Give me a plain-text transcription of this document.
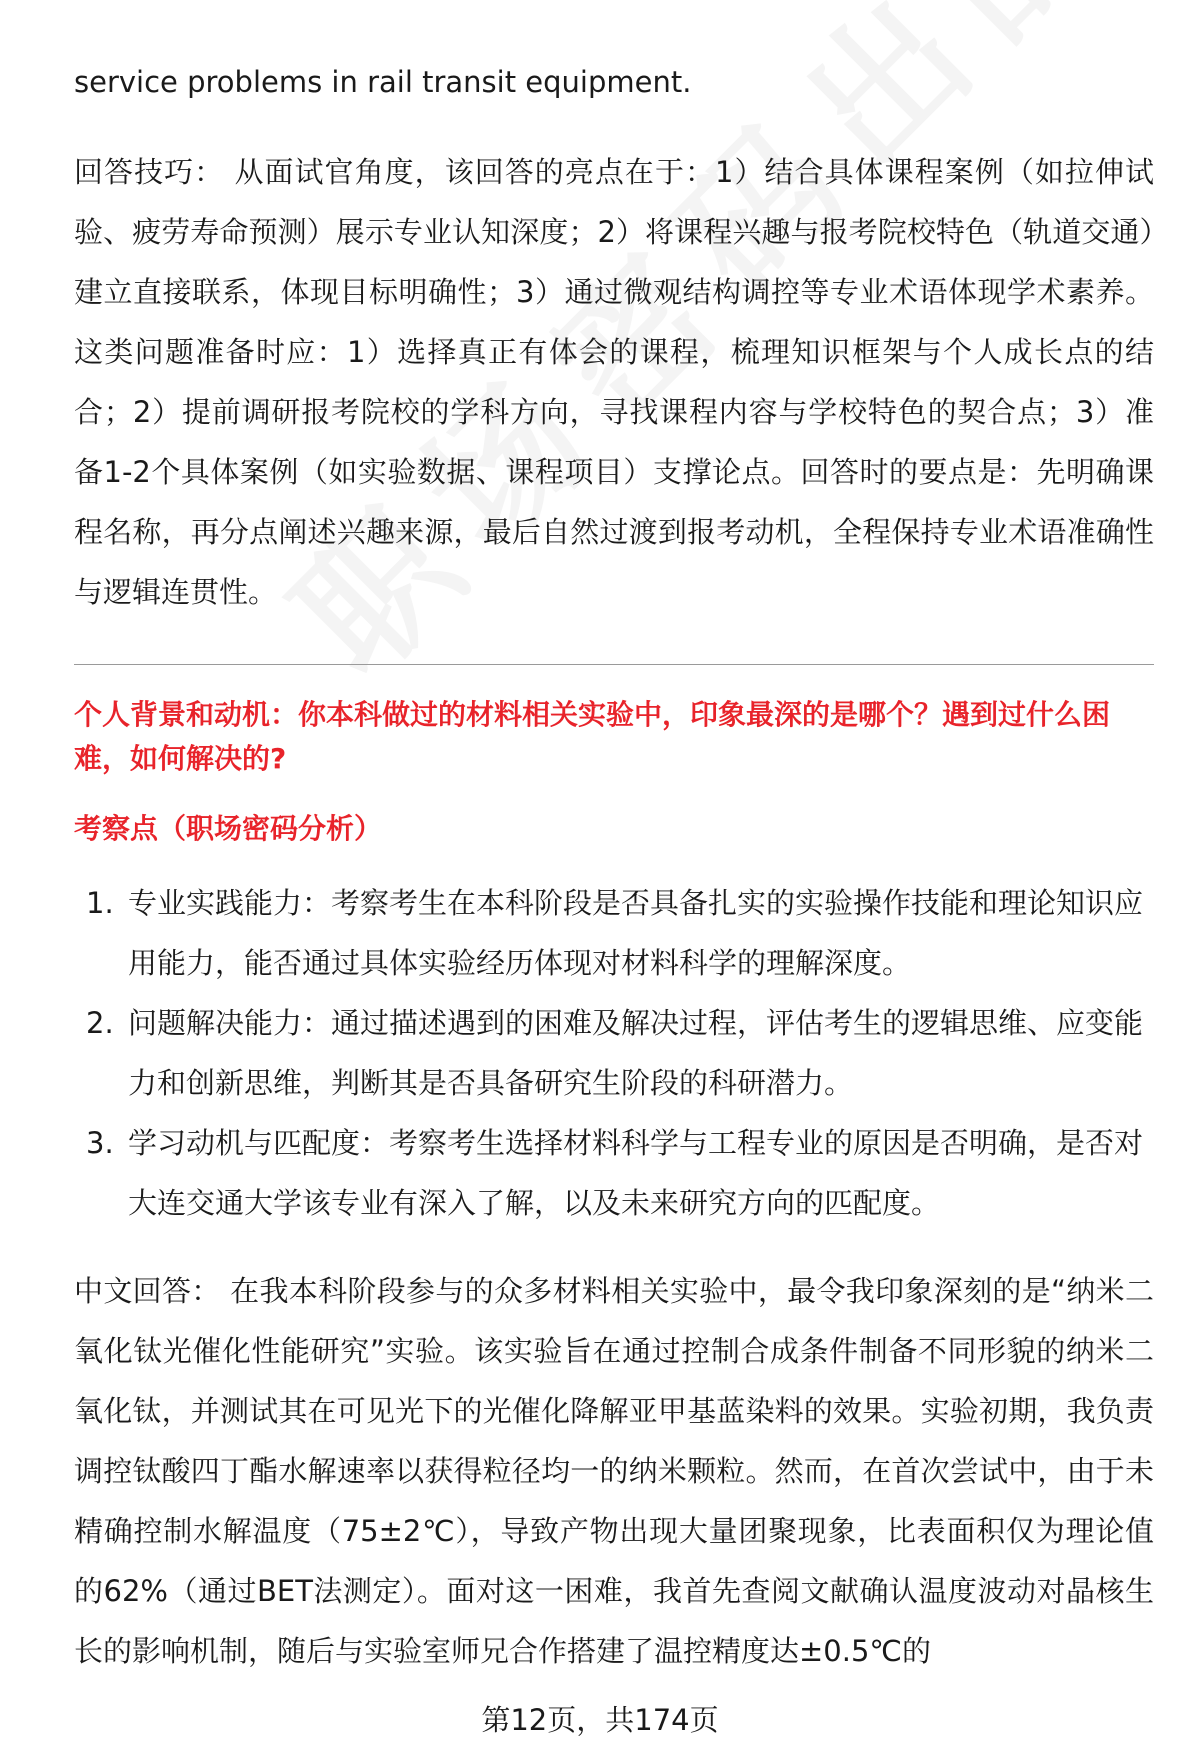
service problems in rail transit equipment.

回答技巧： 从面试官角度，该回答的亮点在于：1）结合具体课程案例（如拉伸试验、疲劳寿命预测）展示专业认知深度；2）将课程兴趣与报考院校特色（轨道交通）建立直接联系，体现目标明确性；3）通过微观结构调控等专业术语体现学术素养。这类问题准备时应：1）选择真正有体会的课程，梳理知识框架与个人成长点的结合；2）提前调研报考院校的学科方向，寻找课程内容与学校特色的契合点；3）准备1-2个具体案例（如实验数据、课程项目）支撑论点。回答时的要点是：先明确课程名称，再分点阐述兴趣来源，最后自然过渡到报考动机，全程保持专业术语准确性与逻辑连贯性。

个人背景和动机：你本科做过的材料相关实验中，印象最深的是哪个？遇到过什么困难，如何解决的?

考察点（职场密码分析）

1. 专业实践能力：考察考生在本科阶段是否具备扎实的实验操作技能和理论知识应用能力，能否通过具体实验经历体现对材料科学的理解深度。
2. 问题解决能力：通过描述遇到的困难及解决过程，评估考生的逻辑思维、应变能力和创新思维，判断其是否具备研究生阶段的科研潜力。
3. 学习动机与匹配度：考察考生选择材料科学与工程专业的原因是否明确，是否对大连交通大学该专业有深入了解，以及未来研究方向的匹配度。

中文回答： 在我本科阶段参与的众多材料相关实验中，最令我印象深刻的是“纳米二氧化钛光催化性能研究”实验。该实验旨在通过控制合成条件制备不同形貌的纳米二氧化钛，并测试其在可见光下的光催化降解亚甲基蓝染料的效果。实验初期，我负责调控钛酸四丁酯水解速率以获得粒径均一的纳米颗粒。然而，在首次尝试中，由于未精确控制水解温度（75±2℃），导致产物出现大量团聚现象，比表面积仅为理论值的62%（通过BET法测定）。面对这一困难，我首先查阅文献确认温度波动对晶核生长的影响机制，随后与实验室师兄合作搭建了温控精度达±0.5℃的

第12页，共174页
